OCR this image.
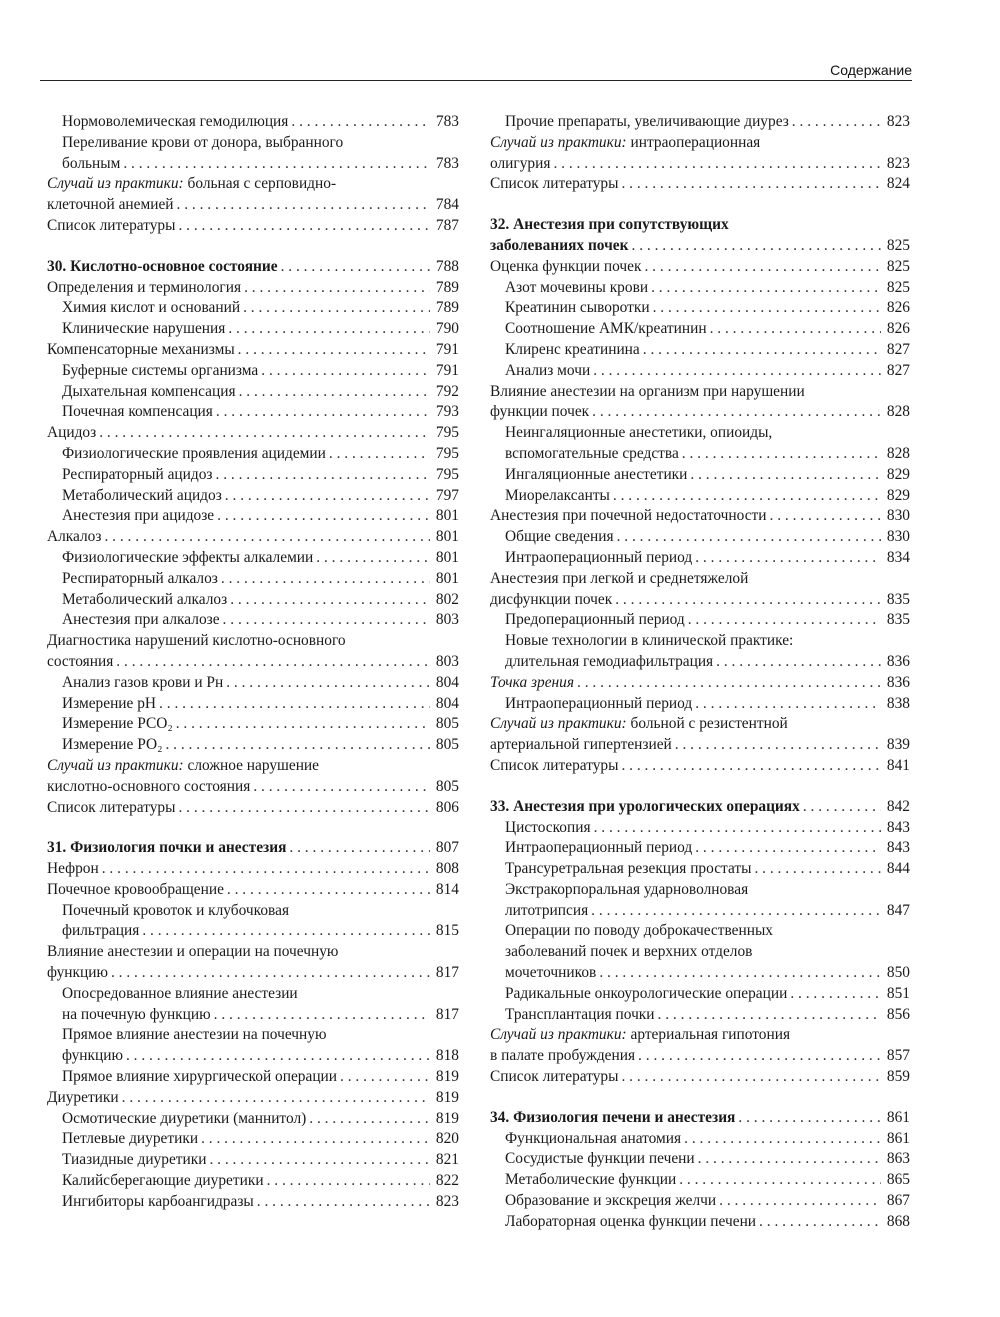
Содержание
Нормоволемическая гемодилюция . . .	783
Переливание крови от донора, выбранного
больным . . .	783
Случай из практики: больная с серповидно-
клеточной анемией . . .	784
Список литературы . . .	787
30. Кислотно-основное состояние . . .	788
Определения и терминология . . .	789
Химия кислот и оснований . . .	789
Клинические нарушения . . .	790
Компенсаторные механизмы . . .	791
Буферные системы организма . . .	791
Дыхательная компенсация . . .	792
Почечная компенсация . . .	793
Ацидоз . . .	795
Физиологические проявления ацидемии . . .	795
Респираторный ацидоз . . .	795
Метаболический ацидоз . . .	797
Анестезия при ацидозе . . .	801
Алкалоз . . .	801
Физиологические эффекты алкалемии . . .	801
Респираторный алкалоз . . .	801
Метаболический алкалоз . . .	802
Анестезия при алкалозе . . .	803
Диагностика нарушений кислотно-основного
состояния . . .	803
Анализ газов крови и Рн . . .	804
Измерение рН . . .	804
Измерение РСО₂ . . .	805
Измерение РО₂ . . .	805
Случай из практики: сложное нарушение
кислотно-основного состояния . . .	805
Список литературы . . .	806
31. Физиология почки и анестезия . . .	807
Нефрон . . .	808
Почечное кровообращение . . .	814
Почечный кровоток и клубочковая
фильтрация . . .	815
Влияние анестезии и операции на почечную
функцию . . .	817
Опосредованное влияние анестезии
на почечную функцию . . .	817
Прямое влияние анестезии на почечную
функцию . . .	818
Прямое влияние хирургической операции . . .	819
Диуретики . . .	819
Осмотические диуретики (маннитол) . . .	819
Петлевые диуретики . . .	820
Тиазидные диуретики . . .	821
Калийсберегающие диуретики . . .	822
Ингибиторы карбоангидразы . . .	823
Прочие препараты, увеличивающие диурез . . .	823
Случай из практики: интраоперационная
олигурия . . .	823
Список литературы . . .	824
32. Анестезия при сопутствующих
заболеваниях почек . . .	825
Оценка функции почек . . .	825
Азот мочевины крови . . .	825
Креатинин сыворотки . . .	826
Соотношение АМК/креатинин . . .	826
Клиренс креатинина . . .	827
Анализ мочи . . .	827
Влияние анестезии на организм при нарушении
функции почек . . .	828
Неингаляционные анестетики, опиоиды,
вспомогательные средства . . .	828
Ингаляционные анестетики . . .	829
Миорелаксанты . . .	829
Анестезия при почечной недостаточности . . .	830
Общие сведения . . .	830
Интраоперационный период . . .	834
Анестезия при легкой и среднетяжелой
дисфункции почек . . .	835
Предоперационный период . . .	835
Новые технологии в клинической практике:
длительная гемодиафильтрация . . .	836
Точка зрения . . .	836
Интраоперационный период . . .	838
Случай из практики: больной с резистентной
артериальной гипертензией . . .	839
Список литературы . . .	841
33. Анестезия при урологических операциях . . .	842
Цистоскопия . . .	843
Интраоперационный период . . .	843
Трансуретральная резекция простаты . . .	844
Экстракорпоральная ударноволновая
литотрипсия . . .	847
Операции по поводу доброкачественных
заболеваний почек и верхних отделов
мочеточников . . .	850
Радикальные онкоурологические операции . . .	851
Трансплантация почки . . .	856
Случай из практики: артериальная гипотония
в палате пробуждения . . .	857
Список литературы . . .	859
34. Физиология печени и анестезия . . .	861
Функциональная анатомия . . .	861
Сосудистые функции печени . . .	863
Метаболические функции . . .	865
Образование и экскреция желчи . . .	867
Лабораторная оценка функции печени . . .	868
